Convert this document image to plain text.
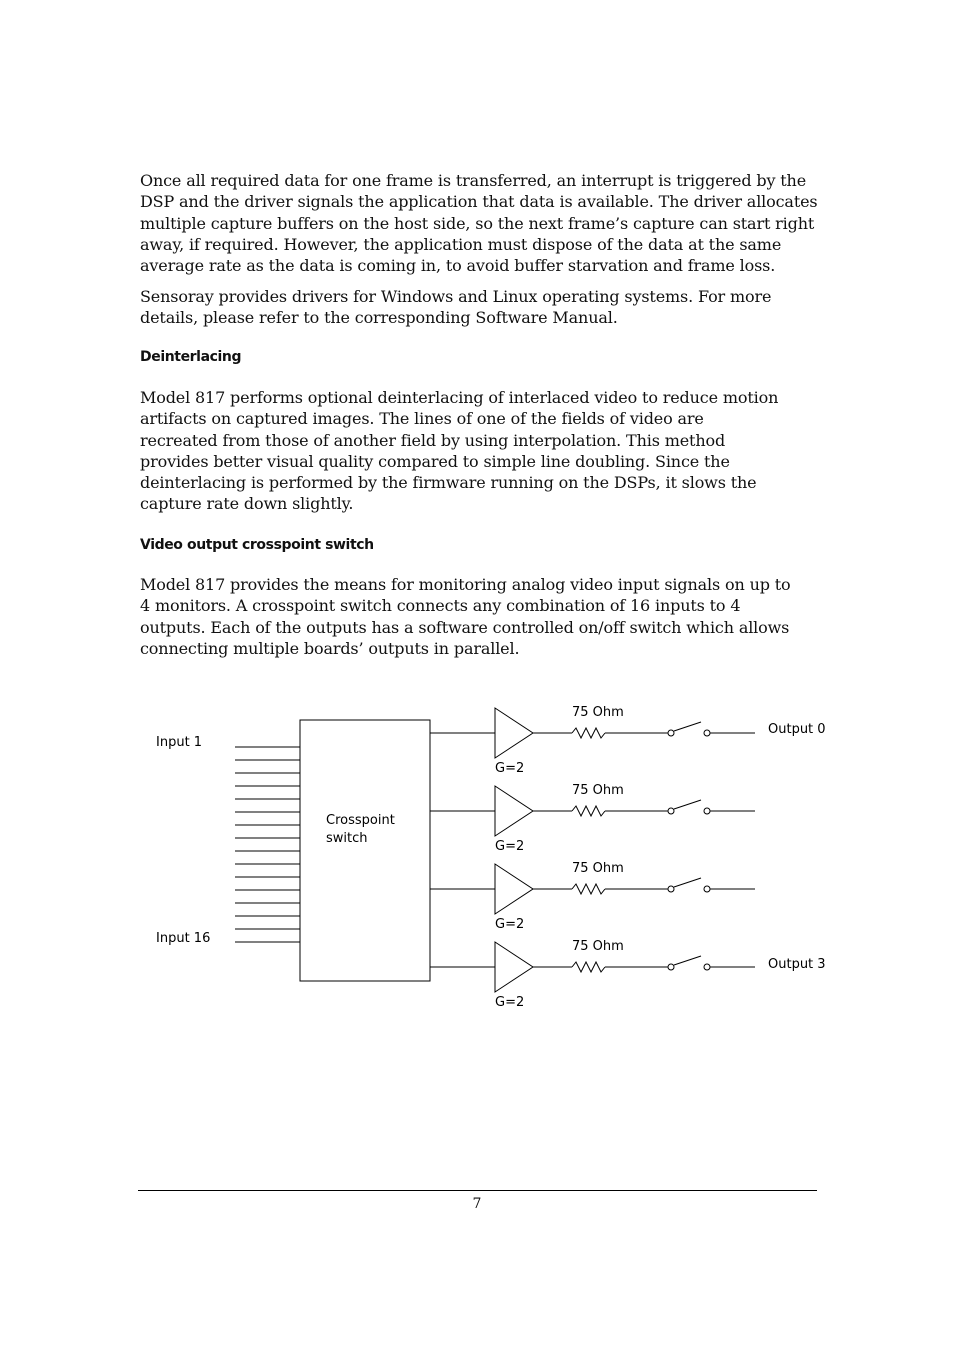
Once all required data for one frame is transferred, an interrupt is triggered by the DSP and the driver signals the application that data is available. The driver allocates multiple capture buffers on the host side, so the next frame’s capture can start right away, if required. However, the application must dispose of the data at the same average rate as the data is coming in, to avoid buffer starvation and frame loss.

Sensoray provides drivers for Windows and Linux operating systems. For more details, please refer to the corresponding Software Manual.

Deinterlacing

Model 817 performs optional deinterlacing of interlaced video to reduce motion artifacts on captured images. The lines of one of the fields of video are recreated from those of another field by using interpolation. This method provides better visual quality compared to simple line doubling. Since the deinterlacing is performed by the firmware running on the DSPs, it slows the capture rate down slightly.

Video output crosspoint switch

Model 817 provides the means for monitoring analog video input signals on up to 4 monitors. A crosspoint switch connects any combination of 16 inputs to 4 outputs. Each of the outputs has a software controlled on/off switch which allows connecting multiple boards’ outputs in parallel.

Input 1
Input 16
Crosspoint
switch
75 Ohm
75 Ohm
75 Ohm
75 Ohm
G=2
G=2
G=2
G=2
Output 0
Output 3
7
